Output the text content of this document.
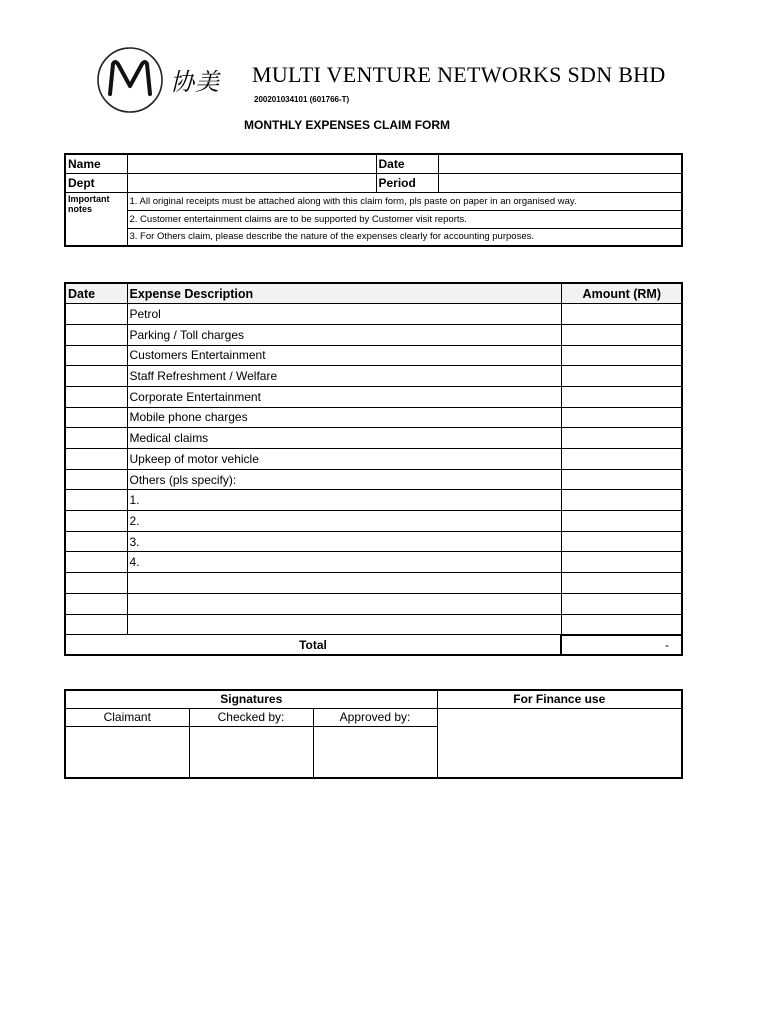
协美 MULTI VENTURE NETWORKS SDN BHD
200201034101 (601766-T)
MONTHLY EXPENSES CLAIM FORM
Name		Date	
Dept		Period	
Important notes	1. All original receipts must be attached along with this claim form, pls paste on paper in an organised way.		
	2. Customer entertainment claims are to be supported by Customer visit reports.		
	3. For Others claim, please describe the nature of the expenses clearly for accounting purposes.		
Date	Expense Description	Amount (RM)
	Petrol	
	Parking / Toll charges	
	Customers Entertainment	
	Staff Refreshment / Welfare	
	Corporate Entertainment	
	Mobile phone charges	
	Medical claims	
	Upkeep of motor vehicle	
	Others (pls specify):	
	1.	
	2.	
	3.	
	4.	

Total		-
Signatures			For Finance use
Claimant	Checked by:	Approved by:	
